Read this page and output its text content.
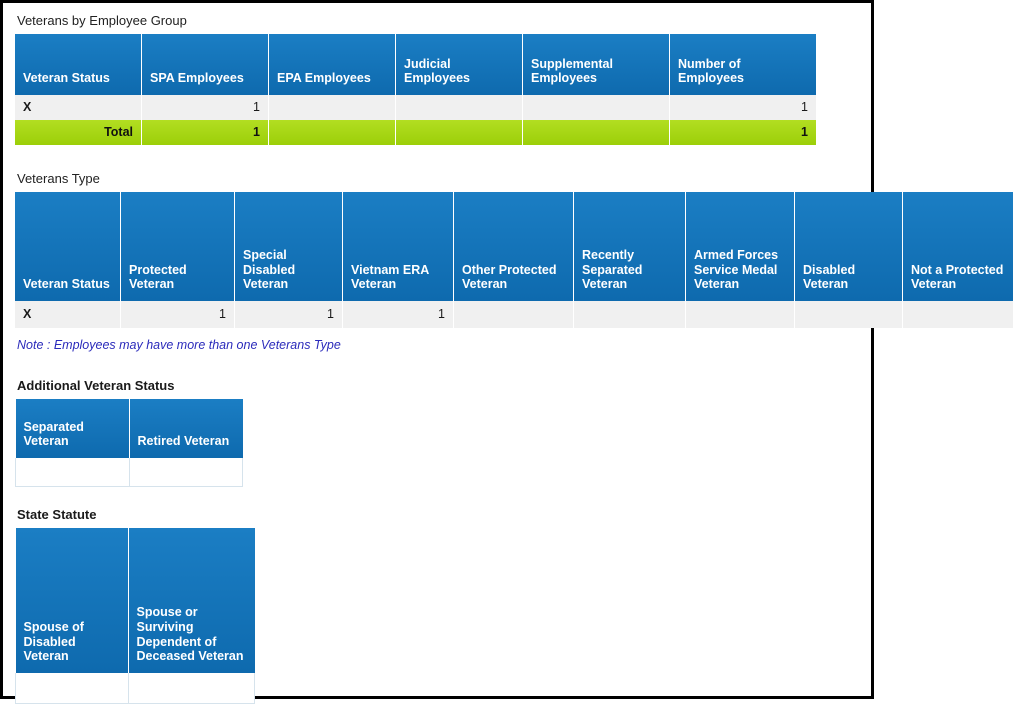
Veterans by Employee Group
Veteran Status	SPA Employees	EPA Employees	Judicial Employees	Supplemental Employees	Number of Employees
X	1				1
Total	1				1
Veterans Type
Veteran Status	Protected Veteran	Special Disabled Veteran	Vietnam ERA Veteran	Other Protected Veteran	Recently Separated Veteran	Armed Forces Service Medal Veteran	Disabled Veteran	Not a Protected Veteran
X	1	1	1					
Note : Employees may have more than one Veterans Type
Additional Veteran Status
Separated Veteran	Retired Veteran

State Statute
Spouse of Disabled Veteran	Spouse or Surviving Dependent of Deceased Veteran
